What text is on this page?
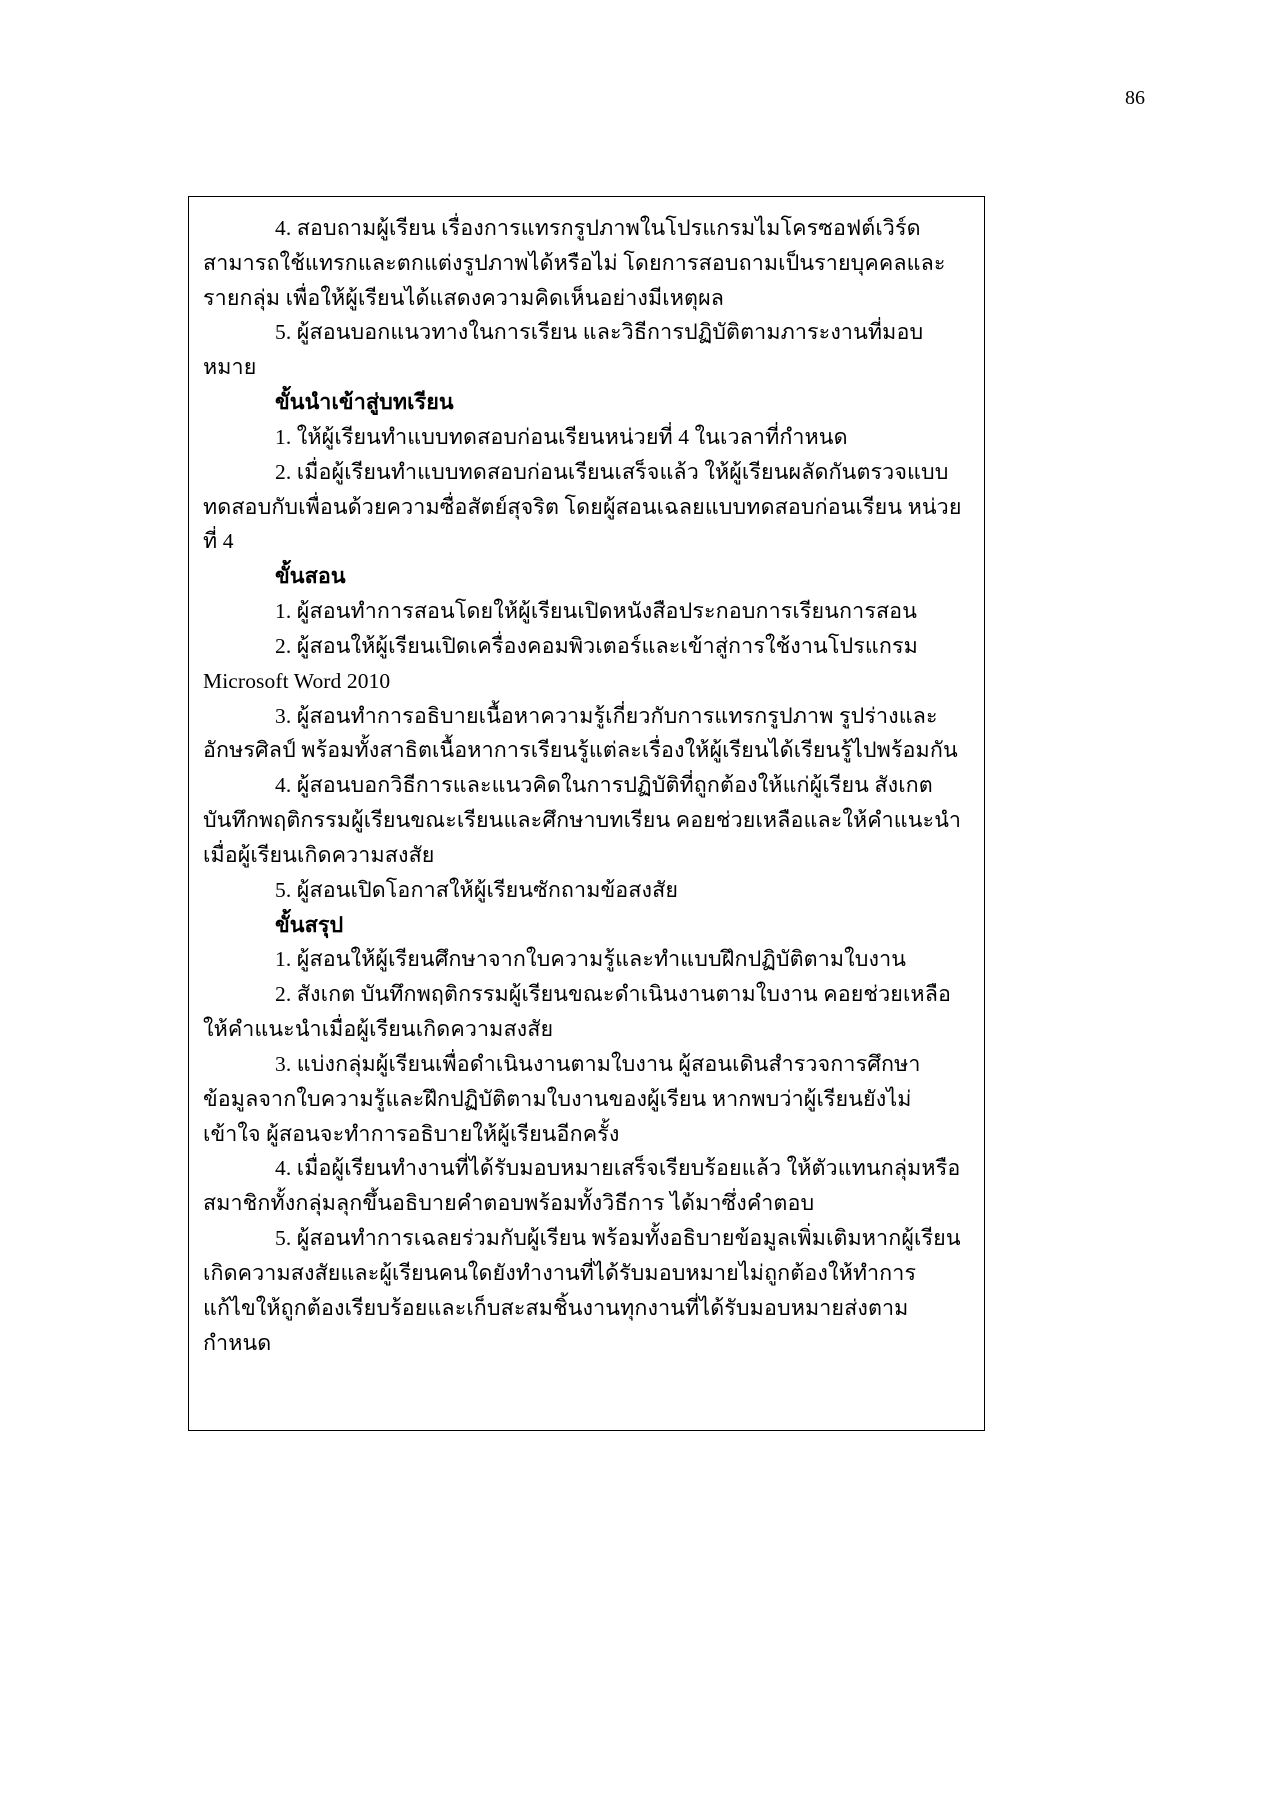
86

4. สอบถามผู้เรียน เรื่องการแทรกรูปภาพในโปรแกรมไมโครซอฟต์เวิร์ด สามารถใช้แทรกและตกแต่งรูปภาพได้หรือไม่ โดยการสอบถามเป็นรายบุคคลและรายกลุ่ม เพื่อให้ผู้เรียนได้แสดงความคิดเห็นอย่างมีเหตุผล

5. ผู้สอนบอกแนวทางในการเรียน และวิธีการปฏิบัติตามภาระงานที่มอบหมาย

ขั้นนำเข้าสู่บทเรียน

1. ให้ผู้เรียนทำแบบทดสอบก่อนเรียนหน่วยที่ 4 ในเวลาที่กำหนด

2. เมื่อผู้เรียนทำแบบทดสอบก่อนเรียนเสร็จแล้ว ให้ผู้เรียนผลัดกันตรวจแบบทดสอบกับเพื่อนด้วยความซื่อสัตย์สุจริต โดยผู้สอนเฉลยแบบทดสอบก่อนเรียน หน่วยที่ 4

ขั้นสอน

1. ผู้สอนทำการสอนโดยให้ผู้เรียนเปิดหนังสือประกอบการเรียนการสอน

2. ผู้สอนให้ผู้เรียนเปิดเครื่องคอมพิวเตอร์และเข้าสู่การใช้งานโปรแกรม Microsoft Word 2010

3. ผู้สอนทำการอธิบายเนื้อหาความรู้เกี่ยวกับการแทรกรูปภาพ รูปร่างและอักษรศิลป์ พร้อมทั้งสาธิตเนื้อหาการเรียนรู้แต่ละเรื่องให้ผู้เรียนได้เรียนรู้ไปพร้อมกัน

4. ผู้สอนบอกวิธีการและแนวคิดในการปฏิบัติที่ถูกต้องให้แก่ผู้เรียน สังเกต บันทึกพฤติกรรมผู้เรียนขณะเรียนและศึกษาบทเรียน คอยช่วยเหลือและให้คำแนะนำเมื่อผู้เรียนเกิดความสงสัย

5. ผู้สอนเปิดโอกาสให้ผู้เรียนซักถามข้อสงสัย

ขั้นสรุป

1. ผู้สอนให้ผู้เรียนศึกษาจากใบความรู้และทำแบบฝึกปฏิบัติตามใบงาน

2. สังเกต บันทึกพฤติกรรมผู้เรียนขณะดำเนินงานตามใบงาน คอยช่วยเหลือให้คำแนะนำเมื่อผู้เรียนเกิดความสงสัย

3. แบ่งกลุ่มผู้เรียนเพื่อดำเนินงานตามใบงาน ผู้สอนเดินสำรวจการศึกษาข้อมูลจากใบความรู้และฝึกปฏิบัติตามใบงานของผู้เรียน หากพบว่าผู้เรียนยังไม่เข้าใจ ผู้สอนจะทำการอธิบายให้ผู้เรียนอีกครั้ง

4. เมื่อผู้เรียนทำงานที่ได้รับมอบหมายเสร็จเรียบร้อยแล้ว ให้ตัวแทนกลุ่มหรือสมาชิกทั้งกลุ่มลุกขึ้นอธิบายคำตอบพร้อมทั้งวิธีการ ได้มาซึ่งคำตอบ

5. ผู้สอนทำการเฉลยร่วมกับผู้เรียน พร้อมทั้งอธิบายข้อมูลเพิ่มเติมหากผู้เรียนเกิดความสงสัยและผู้เรียนคนใดยังทำงานที่ได้รับมอบหมายไม่ถูกต้องให้ทำการแก้ไขให้ถูกต้องเรียบร้อยและเก็บสะสมชิ้นงานทุกงานที่ได้รับมอบหมายส่งตามกำหนด
